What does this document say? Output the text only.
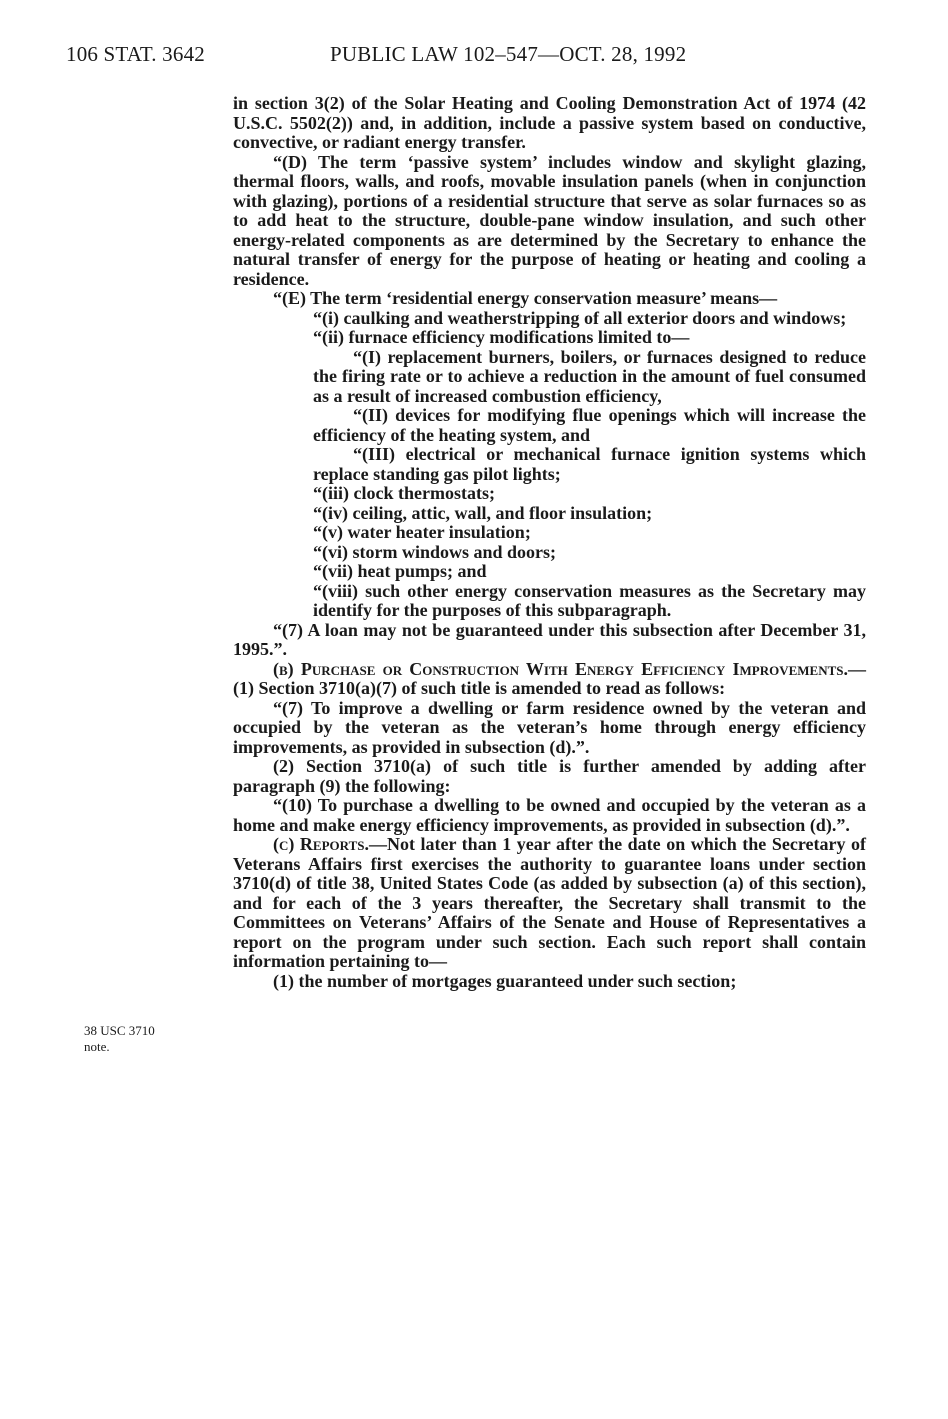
106 STAT. 3642	PUBLIC LAW 102–547—OCT. 28, 1992
38 USC 3710
note.

in section 3(2) of the Solar Heating and Cooling Demonstration Act of 1974 (42 U.S.C. 5502(2)) and, in addition, include a passive system based on conductive, convective, or radiant energy transfer.

“(D) The term ‘passive system’ includes window and skylight glazing, thermal floors, walls, and roofs, movable insulation panels (when in conjunction with glazing), portions of a residential structure that serve as solar furnaces so as to add heat to the structure, double-pane window insulation, and such other energy-related components as are determined by the Secretary to enhance the natural transfer of energy for the purpose of heating or heating and cooling a residence.

“(E) The term ‘residential energy conservation measure’ means—

“(i) caulking and weatherstripping of all exterior doors and windows;

“(ii) furnace efficiency modifications limited to—

“(I) replacement burners, boilers, or furnaces designed to reduce the firing rate or to achieve a reduction in the amount of fuel consumed as a result of increased combustion efficiency,

“(II) devices for modifying flue openings which will increase the efficiency of the heating system, and

“(III) electrical or mechanical furnace ignition systems which replace standing gas pilot lights;

“(iii) clock thermostats;

“(iv) ceiling, attic, wall, and floor insulation;

“(v) water heater insulation;

“(vi) storm windows and doors;

“(vii) heat pumps; and

“(viii) such other energy conservation measures as the Secretary may identify for the purposes of this subparagraph.

“(7) A loan may not be guaranteed under this subsection after December 31, 1995.”.

(b) Purchase or Construction With Energy Efficiency Improvements.—(1) Section 3710(a)(7) of such title is amended to read as follows:

“(7) To improve a dwelling or farm residence owned by the veteran and occupied by the veteran as the veteran’s home through energy efficiency improvements, as provided in subsection (d).”.

(2) Section 3710(a) of such title is further amended by adding after paragraph (9) the following:

“(10) To purchase a dwelling to be owned and occupied by the veteran as a home and make energy efficiency improvements, as provided in subsection (d).”.

(c) Reports.—Not later than 1 year after the date on which the Secretary of Veterans Affairs first exercises the authority to guarantee loans under section 3710(d) of title 38, United States Code (as added by subsection (a) of this section), and for each of the 3 years thereafter, the Secretary shall transmit to the Committees on Veterans’ Affairs of the Senate and House of Representatives a report on the program under such section. Each such report shall contain information pertaining to—

(1) the number of mortgages guaranteed under such section;
